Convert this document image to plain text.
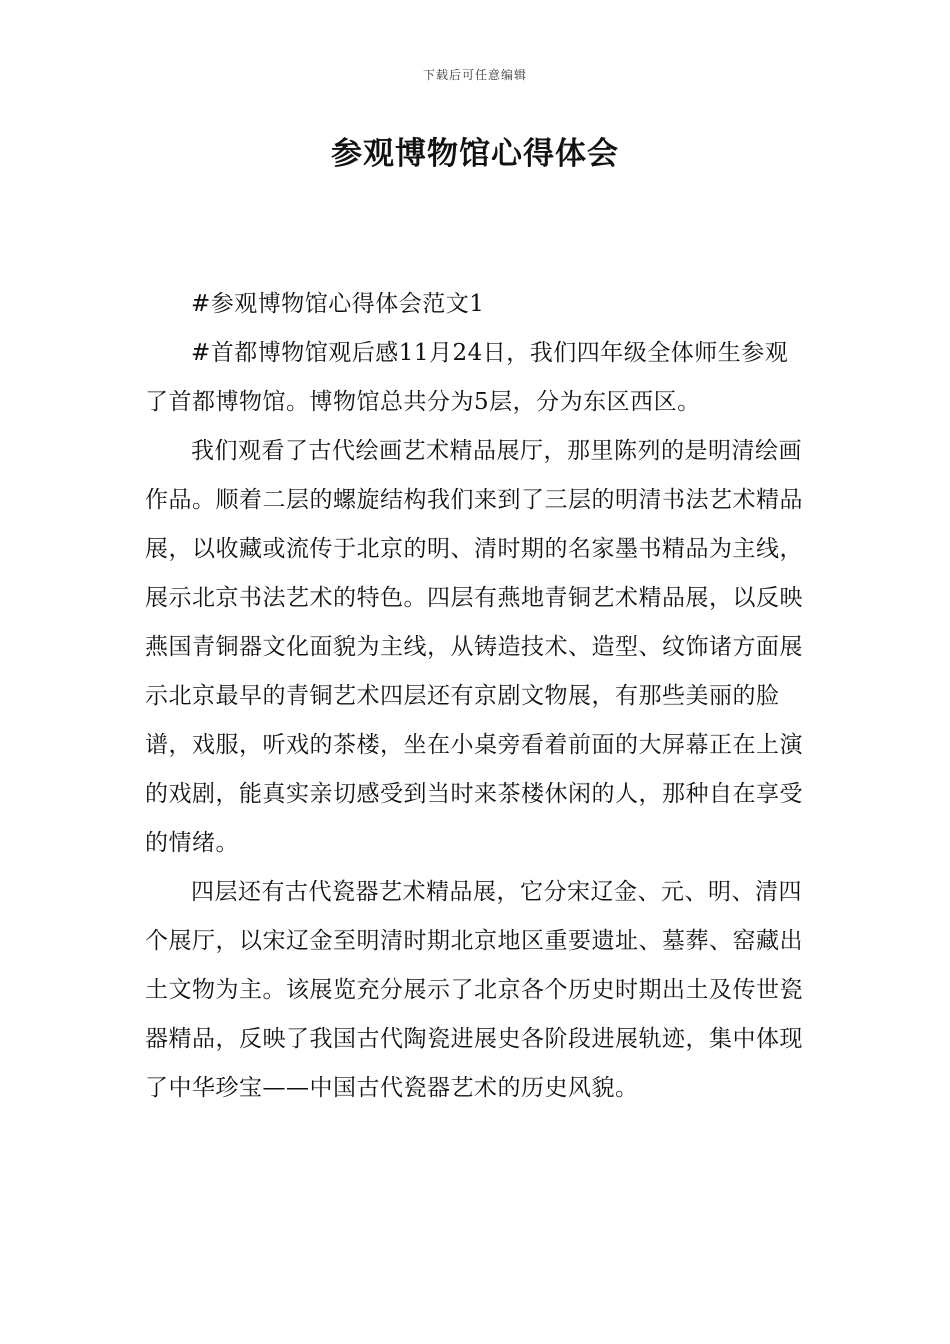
下载后可任意编辑
参观博物馆心得体会

#参观博物馆心得体会范文1

#首都博物馆观后感11月24日，我们四年级全体师生参观了首都博物馆。博物馆总共分为5层，分为东区西区。

我们观看了古代绘画艺术精品展厅，那里陈列的是明清绘画作品。顺着二层的螺旋结构我们来到了三层的明清书法艺术精品展，以收藏或流传于北京的明、清时期的名家墨书精品为主线，展示北京书法艺术的特色。四层有燕地青铜艺术精品展，以反映燕国青铜器文化面貌为主线，从铸造技术、造型、纹饰诸方面展示北京最早的青铜艺术四层还有京剧文物展，有那些美丽的脸谱，戏服，听戏的茶楼，坐在小桌旁看着前面的大屏幕正在上演的戏剧，能真实亲切感受到当时来茶楼休闲的人，那种自在享受的情绪。

四层还有古代瓷器艺术精品展，它分宋辽金、元、明、清四个展厅，以宋辽金至明清时期北京地区重要遗址、墓葬、窑藏出土文物为主。该展览充分展示了北京各个历史时期出土及传世瓷器精品，反映了我国古代陶瓷进展史各阶段进展轨迹，集中体现了中华珍宝——中国古代瓷器艺术的历史风貌。
